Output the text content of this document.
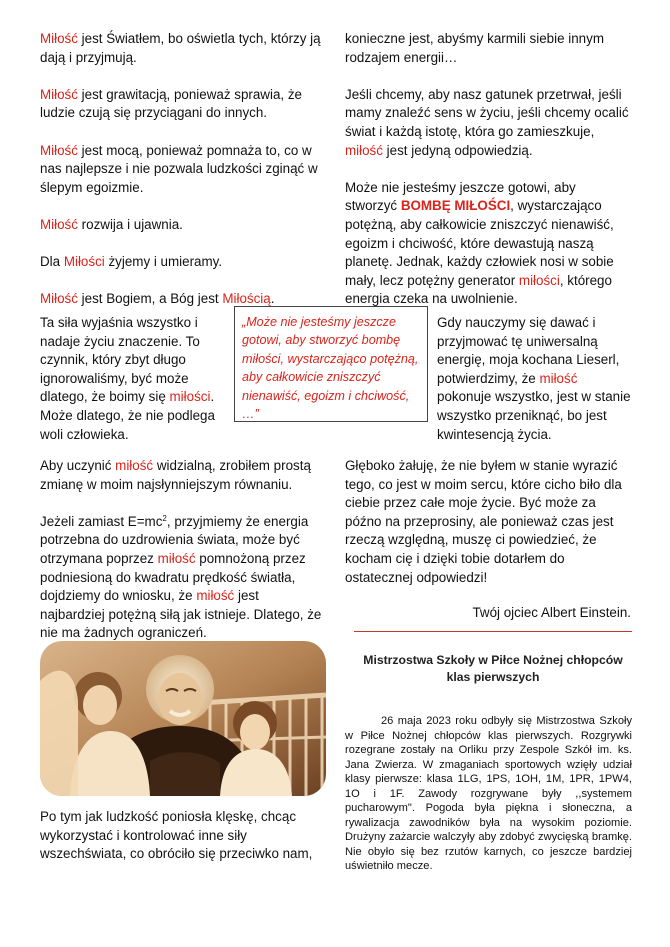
Miłość jest Światłem, bo oświetla tych, którzy ją dają i przyjmują.

Miłość jest grawitacją, ponieważ sprawia, że ludzie czują się przyciągani do innych.

Miłość jest mocą, ponieważ pomnaża to, co w nas najlepsze i nie pozwala ludzkości zginąć w ślepym egoizmie.

Miłość rozwija i ujawnia.

Dla Miłości żyjemy i umieramy.

Miłość jest Bogiem, a Bóg jest Miłością.

konieczne jest, abyśmy karmili siebie innym rodzajem energii…

Jeśli chcemy, aby nasz gatunek przetrwał, jeśli mamy znaleźć sens w życiu, jeśli chcemy ocalić świat i każdą istotę, która go zamieszkuje, miłość jest jedyną odpowiedzią.

Może nie jesteśmy jeszcze gotowi, aby stworzyć BOMBĘ MIŁOŚCI, wystarczająco potężną, aby całkowicie zniszczyć nienawiść, egoizm i chciwość, które dewastują naszą planetę. Jednak, każdy człowiek nosi w sobie mały, lecz potężny generator miłości, którego energia czeka na uwolnienie.

Ta siła wyjaśnia wszystko i nadaje życiu znaczenie. To czynnik, który zbyt długo ignorowaliśmy, być może dlatego, że boimy się miłości. Może dlatego, że nie podlega woli człowieka.
„Może nie jesteśmy jeszcze gotowi, aby stworzyć bombę miłości, wystarczająco potężną, aby całkowicie zniszczyć nienawiść, egoizm i chciwość, …”
Gdy nauczymy się dawać i przyjmować tę uniwersalną energię, moja kochana Lieserl, potwierdzimy, że miłość pokonuje wszystko, jest w stanie wszystko przeniknąć, bo jest kwintesencją życia.

Aby uczynić miłość widzialną, zrobiłem prostą zmianę w moim najsłynniejszym równaniu.

Jeżeli zamiast $E=mc^2$, przyjmiemy że energia potrzebna do uzdrowienia świata, może być otrzymana poprzez miłość pomnożoną przez podniesioną do kwadratu prędkość światła, dojdziemy do wniosku, że miłość jest najbardziej potężną siłą jak istnieje. Dlatego, że nie ma żadnych ograniczeń.

Głęboko żałuję, że nie byłem w stanie wyrazić tego, co jest w moim sercu, które cicho biło dla ciebie przez całe moje życie. Być może za późno na przeprosiny, ale ponieważ czas jest rzeczą względną, muszę ci powiedzieć, że kocham cię i dzięki tobie dotarłem do ostatecznej odpowiedzi!

Twój ojciec Albert Einstein.
Po tym jak ludzkość poniosła klęskę, chcąc wykorzystać i kontrolować inne siły wszechświata, co obróciło się przeciwko nam,
Mistrzostwa Szkoły w Piłce Nożnej chłopców klas pierwszych
26 maja 2023 roku odbyły się Mistrzostwa Szkoły w Piłce Nożnej chłopców klas pierwszych. Rozgrywki rozegrane zostały na Orliku przy Zespole Szkół im. ks. Jana Zwierza. W zmaganiach sportowych wzięły udział klasy pierwsze: klasa 1LG, 1PS, 1OH, 1M, 1PR, 1PW4, 1O i 1F. Zawody rozgrywane były ,,systemem pucharowym". Pogoda była piękna i słoneczna, a rywalizacja zawodników była na wysokim poziomie. Drużyny zażarcie walczyły aby zdobyć zwycięską bramkę. Nie obyło się bez rzutów karnych, co jeszcze bardziej uświetniło mecze.
